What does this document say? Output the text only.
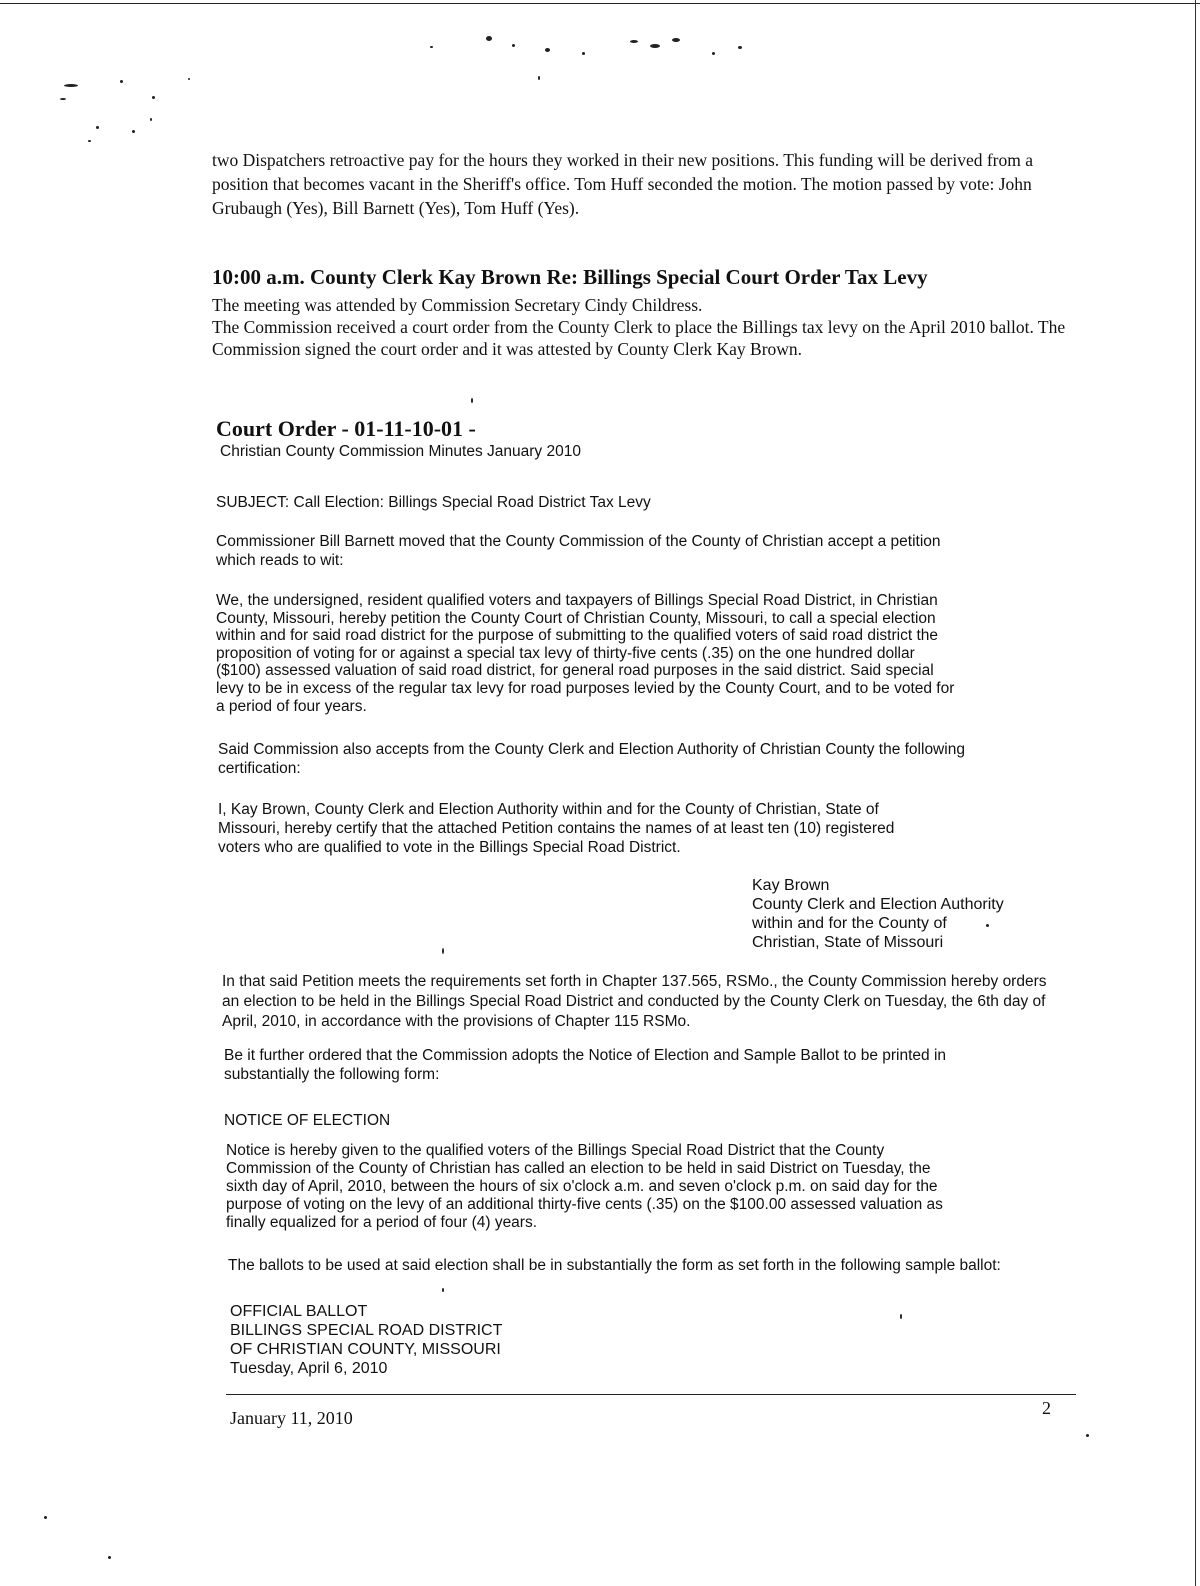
two Dispatchers retroactive pay for the hours they worked in their new positions. This funding will be derived from a position that becomes vacant in the Sheriff's office. Tom Huff seconded the motion. The motion passed by vote: John Grubaugh (Yes), Bill Barnett (Yes), Tom Huff (Yes).

10:00 a.m. County Clerk Kay Brown Re: Billings Special Court Order Tax Levy

The meeting was attended by Commission Secretary Cindy Childress.

The Commission received a court order from the County Clerk to place the Billings tax levy on the April 2010 ballot. The Commission signed the court order and it was attested by County Clerk Kay Brown.

Court Order - 01-11-10-01 -
Christian County Commission Minutes January 2010
SUBJECT: Call Election: Billings Special Road District Tax Levy

Commissioner Bill Barnett moved that the County Commission of the County of Christian accept a petition which reads to wit:

We, the undersigned, resident qualified voters and taxpayers of Billings Special Road District, in Christian County, Missouri, hereby petition the County Court of Christian County, Missouri, to call a special election within and for said road district for the purpose of submitting to the qualified voters of said road district the proposition of voting for or against a special tax levy of thirty-five cents (.35) on the one hundred dollar ($100) assessed valuation of said road district, for general road purposes in the said district. Said special levy to be in excess of the regular tax levy for road purposes levied by the County Court, and to be voted for a period of four years.

Said Commission also accepts from the County Clerk and Election Authority of Christian County the following certification:

I, Kay Brown, County Clerk and Election Authority within and for the County of Christian, State of Missouri, hereby certify that the attached Petition contains the names of at least ten (10) registered voters who are qualified to vote in the Billings Special Road District.

Kay Brown
County Clerk and Election Authority
within and for the County of
Christian, State of Missouri

In that said Petition meets the requirements set forth in Chapter 137.565, RSMo., the County Commission hereby orders an election to be held in the Billings Special Road District and conducted by the County Clerk on Tuesday, the 6th day of April, 2010, in accordance with the provisions of Chapter 115 RSMo.

Be it further ordered that the Commission adopts the Notice of Election and Sample Ballot to be printed in substantially the following form:

NOTICE OF ELECTION

Notice is hereby given to the qualified voters of the Billings Special Road District that the County Commission of the County of Christian has called an election to be held in said District on Tuesday, the sixth day of April, 2010, between the hours of six o'clock a.m. and seven o'clock p.m. on said day for the purpose of voting on the levy of an additional thirty-five cents (.35) on the $100.00 assessed valuation as finally equalized for a period of four (4) years.

The ballots to be used at said election shall be in substantially the form as set forth in the following sample ballot:

OFFICIAL BALLOT
BILLINGS SPECIAL ROAD DISTRICT
OF CHRISTIAN COUNTY, MISSOURI
Tuesday, April 6, 2010
January 11, 2010	2
